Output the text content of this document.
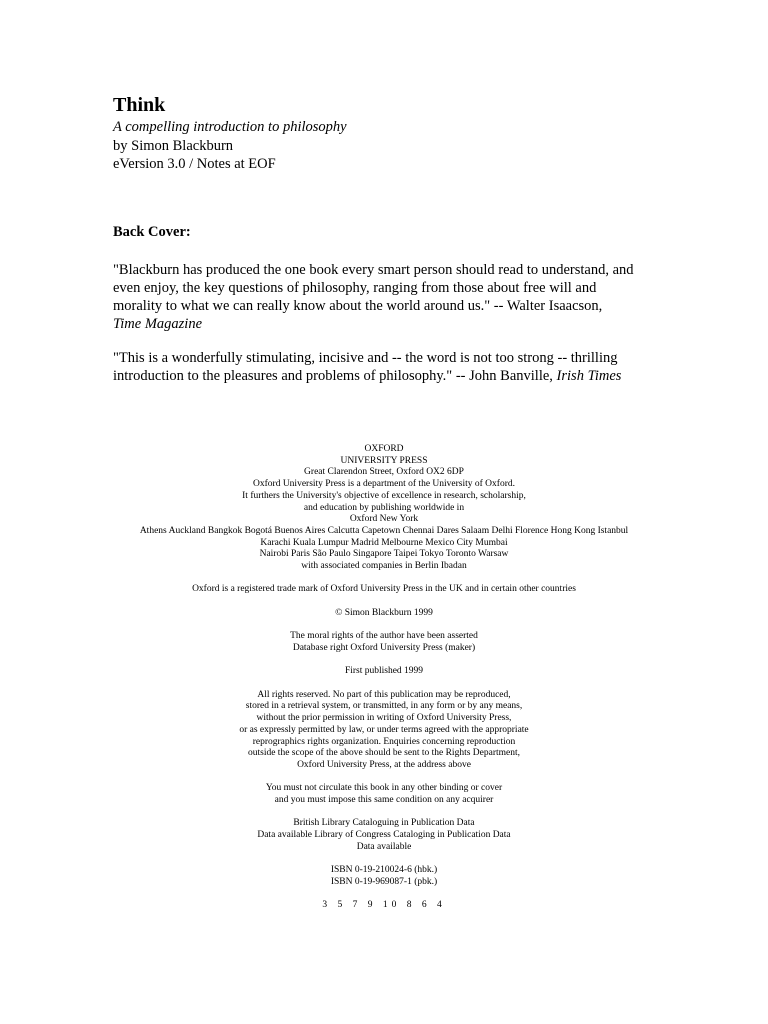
Think
A compelling introduction to philosophy
by Simon Blackburn
eVersion 3.0 / Notes at EOF
Back Cover:
"Blackburn has produced the one book every smart person should read to understand, and
even enjoy, the key questions of philosophy, ranging from those about free will and
morality to what we can really know about the world around us." -- Walter Isaacson,
Time Magazine
"This is a wonderfully stimulating, incisive and -- the word is not too strong -- thrilling
introduction to the pleasures and problems of philosophy." -- John Banville, Irish Times
OXFORD
UNIVERSITY PRESS
Great Clarendon Street, Oxford OX2 6DP
Oxford University Press is a department of the University of Oxford.
It furthers the University's objective of excellence in research, scholarship,
and education by publishing worldwide in
Oxford New York
Athens Auckland Bangkok Bogotá Buenos Aires Calcutta Capetown Chennai Dares Salaam Delhi Florence Hong Kong Istanbul
Karachi Kuala Lumpur Madrid Melbourne Mexico City Mumbai
Nairobi Paris São Paulo Singapore Taipei Tokyo Toronto Warsaw
with associated companies in Berlin Ibadan
Oxford is a registered trade mark of Oxford University Press in the UK and in certain other countries
© Simon Blackburn 1999
The moral rights of the author have been asserted
Database right Oxford University Press (maker)
First published 1999
All rights reserved. No part of this publication may be reproduced,
stored in a retrieval system, or transmitted, in any form or by any means,
without the prior permission in writing of Oxford University Press,
or as expressly permitted by law, or under terms agreed with the appropriate
reprographics rights organization. Enquiries concerning reproduction
outside the scope of the above should be sent to the Rights Department,
Oxford University Press, at the address above
You must not circulate this book in any other binding or cover
and you must impose this same condition on any acquirer
British Library Cataloguing in Publication Data
Data available Library of Congress Cataloging in Publication Data
Data available
ISBN 0-19-210024-6 (hbk.)
ISBN 0-19-969087-1 (pbk.)
3 5 7 9 10 8 6 4
